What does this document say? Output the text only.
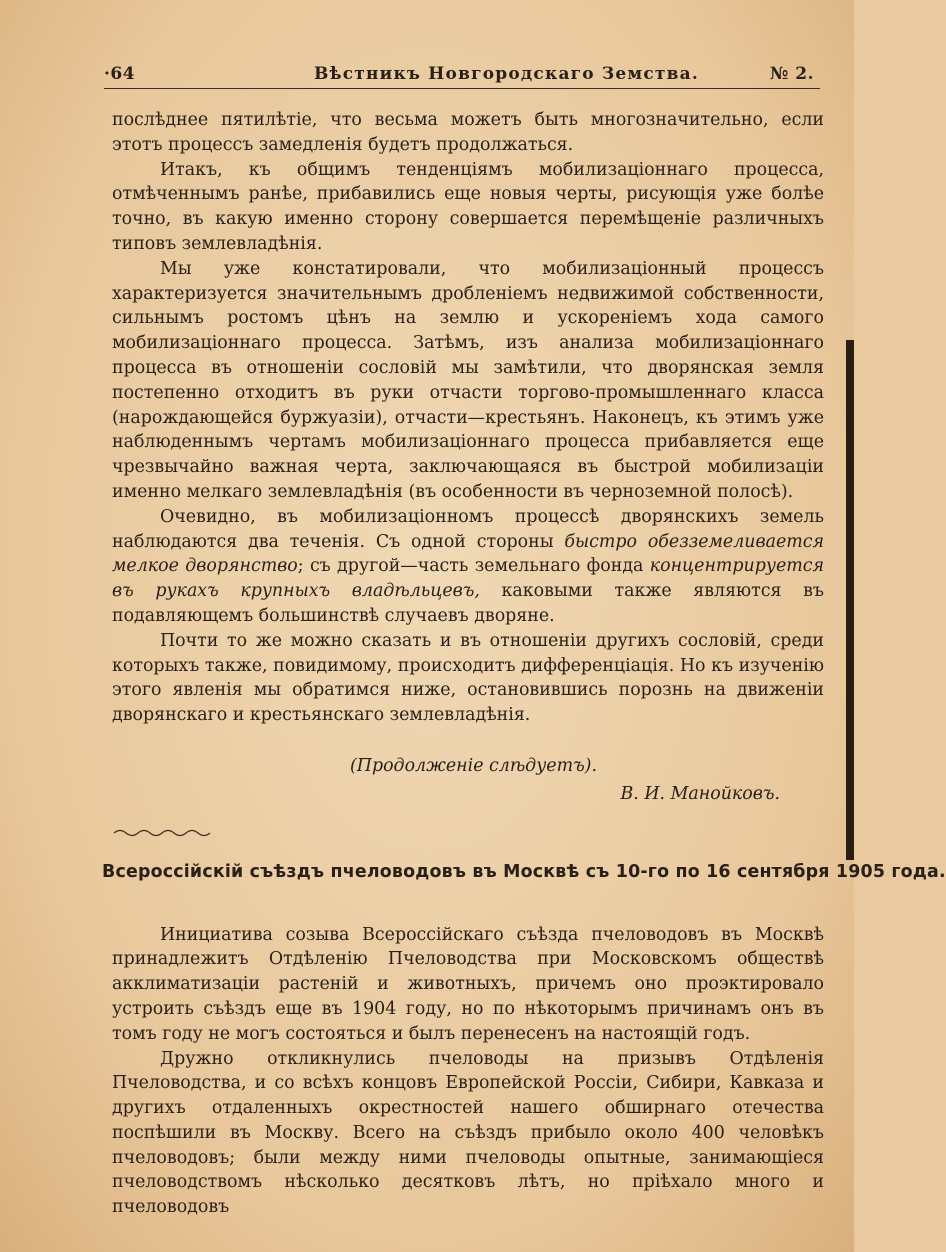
·64	Вѣстникъ Новгородскаго Земства.	№ 2.

послѣднее пятилѣтіе, что весьма можетъ быть многозначительно, если этотъ процессъ замедленія будетъ продолжаться.

Итакъ, къ общимъ тенденціямъ мобилизаціоннаго процесса, отмѣченнымъ ранѣе, прибавились еще новыя черты, рисующія уже болѣе точно, въ какую именно сторону совершается перемѣщеніе различныхъ типовъ землевладѣнія.

Мы уже констатировали, что мобилизаціонный процессъ характеризуется значительнымъ дробленіемъ недвижимой собственности, сильнымъ ростомъ цѣнъ на землю и ускореніемъ хода самого мобилизаціоннаго процесса. Затѣмъ, изъ анализа мобилизаціоннаго процесса въ отношеніи сословій мы замѣтили, что дворянская земля постепенно отходитъ въ руки отчасти торгово-промышленнаго класса (нарождающейся буржуазіи), отчасти—крестьянъ. Наконецъ, къ этимъ уже наблюденнымъ чертамъ мобилизаціоннаго процесса прибавляется еще чрезвычайно важная черта, заключающаяся въ быстрой мобилизаціи именно мелкаго землевладѣнія (въ особенности въ черноземной полосѣ).

Очевидно, въ мобилизаціонномъ процессѣ дворянскихъ земель наблюдаются два теченія. Съ одной стороны быстро обезземеливается мелкое дворянство; съ другой—часть земельнаго фонда концентрируется въ рукахъ крупныхъ владѣльцевъ, каковыми также являются въ подавляющемъ большинствѣ случаевъ дворяне.

Почти то же можно сказать и въ отношеніи другихъ сословій, среди которыхъ также, повидимому, происходитъ дифференціація. Но къ изученію этого явленія мы обратимся ниже, остановившись порознь на движеніи дворянскаго и крестьянскаго землевладѣнія.

(Продолженіе слѣдуетъ).
В. И. Манойковъ.
Всероссійскій съѣздъ пчеловодовъ въ Москвѣ съ 10-го по 16 сентября 1905 года.

Инициатива созыва Всероссійскаго съѣзда пчеловодовъ въ Москвѣ принадлежитъ Отдѣленію Пчеловодства при Московскомъ обществѣ акклиматизаціи растеній и животныхъ, причемъ оно проэктировало устроить съѣздъ еще въ 1904 году, но по нѣкоторымъ причинамъ онъ въ томъ году не могъ состояться и былъ перенесенъ на настоящій годъ.

Дружно откликнулись пчеловоды на призывъ Отдѣленія Пчеловодства, и со всѣхъ концовъ Европейской Россіи, Сибири, Кавказа и другихъ отдаленныхъ окрестностей нашего обширнаго отечества поспѣшили въ Москву. Всего на съѣздъ прибыло около 400 человѣкъ пчеловодовъ; были между ними пчеловоды опытные, занимающіеся пчеловодствомъ нѣсколько десятковъ лѣтъ, но пріѣхало много и пчеловодовъ
